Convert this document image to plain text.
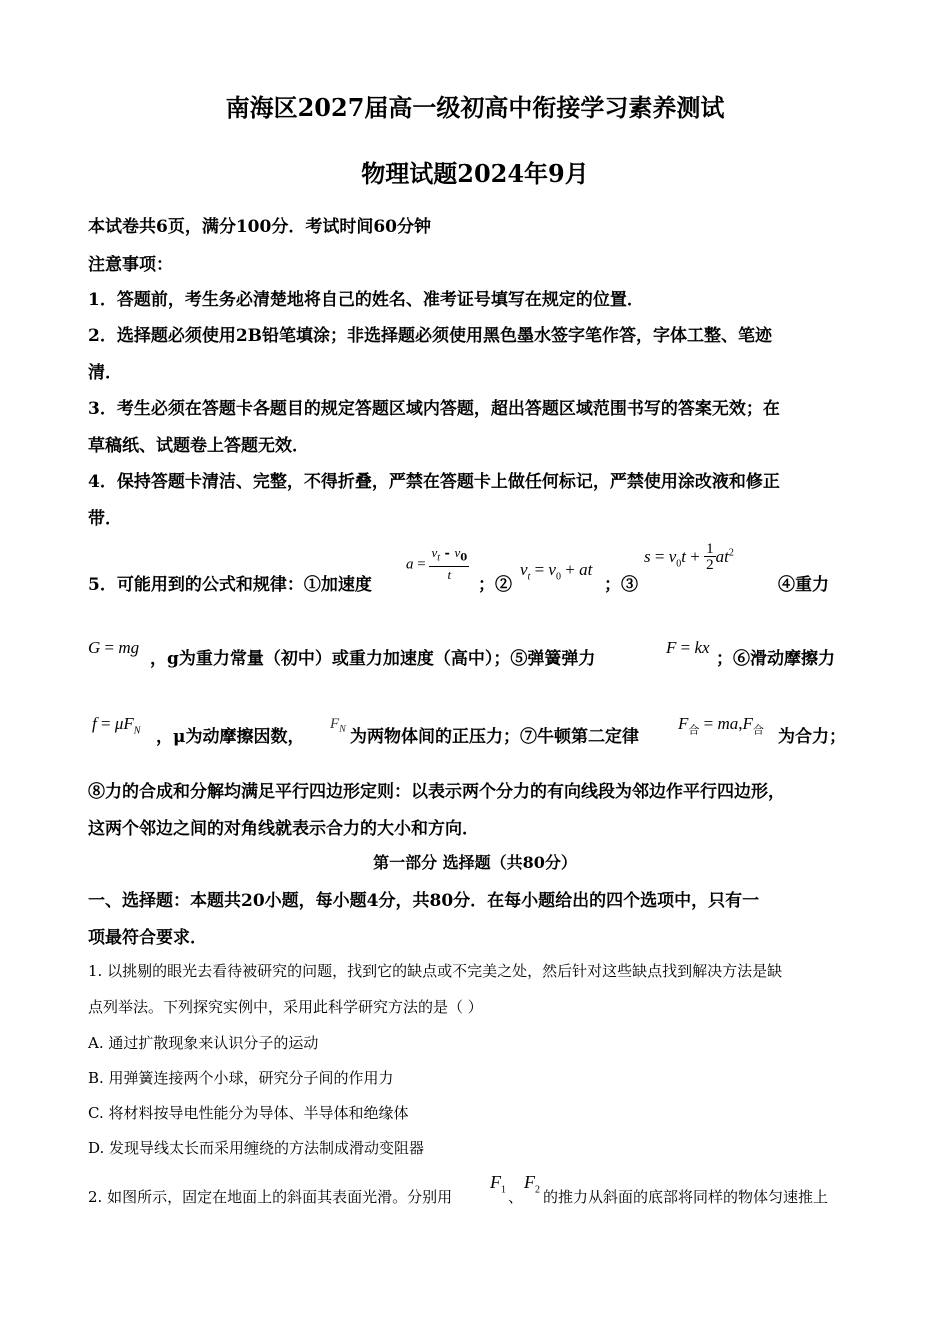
南海区2027届高一级初高中衔接学习素养测试
物理试题2024年9月
本试卷共6页，满分100分．考试时间60分钟
注意事项：
1．答题前，考生务必清楚地将自己的姓名、准考证号填写在规定的位置．
2．选择题必须使用2B铅笔填涂；非选择题必须使用黑色墨水签字笔作答，字体工整、笔迹
清．
3．考生必须在答题卡各题目的规定答题区域内答题，超出答题区域范围书写的答案无效；在
草稿纸、试题卷上答题无效．
4．保持答题卡清洁、完整，不得折叠，严禁在答题卡上做任何标记，严禁使用涂改液和修正
带．
5．可能用到的公式和规律：①加速度
$a = \frac{v_t - v_0}{t}$
；②
$v_t = v_0$ + at
；③
$s = v_0t + \frac{1}{2} at^2$
④重力
G = mg
，g为重力常量（初中）或重力加速度（高中）；⑤弹簧弹力
F = kx
；⑥滑动摩擦力
$f = \mu F_N$ ，μ为动摩擦因数，
$F_N$ 为两物体间的正压力；⑦牛顿第二定律
$F_合 = ma,F_合$ 为合力；
⑧力的合成和分解均满足平行四边形定则：以表示两个分力的有向线段为邻边作平行四边形，
这两个邻边之间的对角线就表示合力的大小和方向．
第一部分 选择题（共80分）
一、选择题：本题共20小题，每小题4分，共80分．在每小题给出的四个选项中，只有一
项最符合要求．
1. 以挑剔的眼光去看待被研究的问题，找到它的缺点或不完美之处，然后针对这些缺点找到解决方法是缺
点列举法。下列探究实例中，采用此科学研究方法的是（ ）
A. 通过扩散现象来认识分子的运动
B. 用弹簧连接两个小球，研究分子间的作用力
C. 将材料按导电性能分为导体、半导体和绝缘体
D. 发现导线太长而采用缠绕的方法制成滑动变阻器
2. 如图所示，固定在地面上的斜面其表面光滑。分别用
$F_1$ 、
$F_2$ 的推力从斜面的底部将同样的物体匀速推上
